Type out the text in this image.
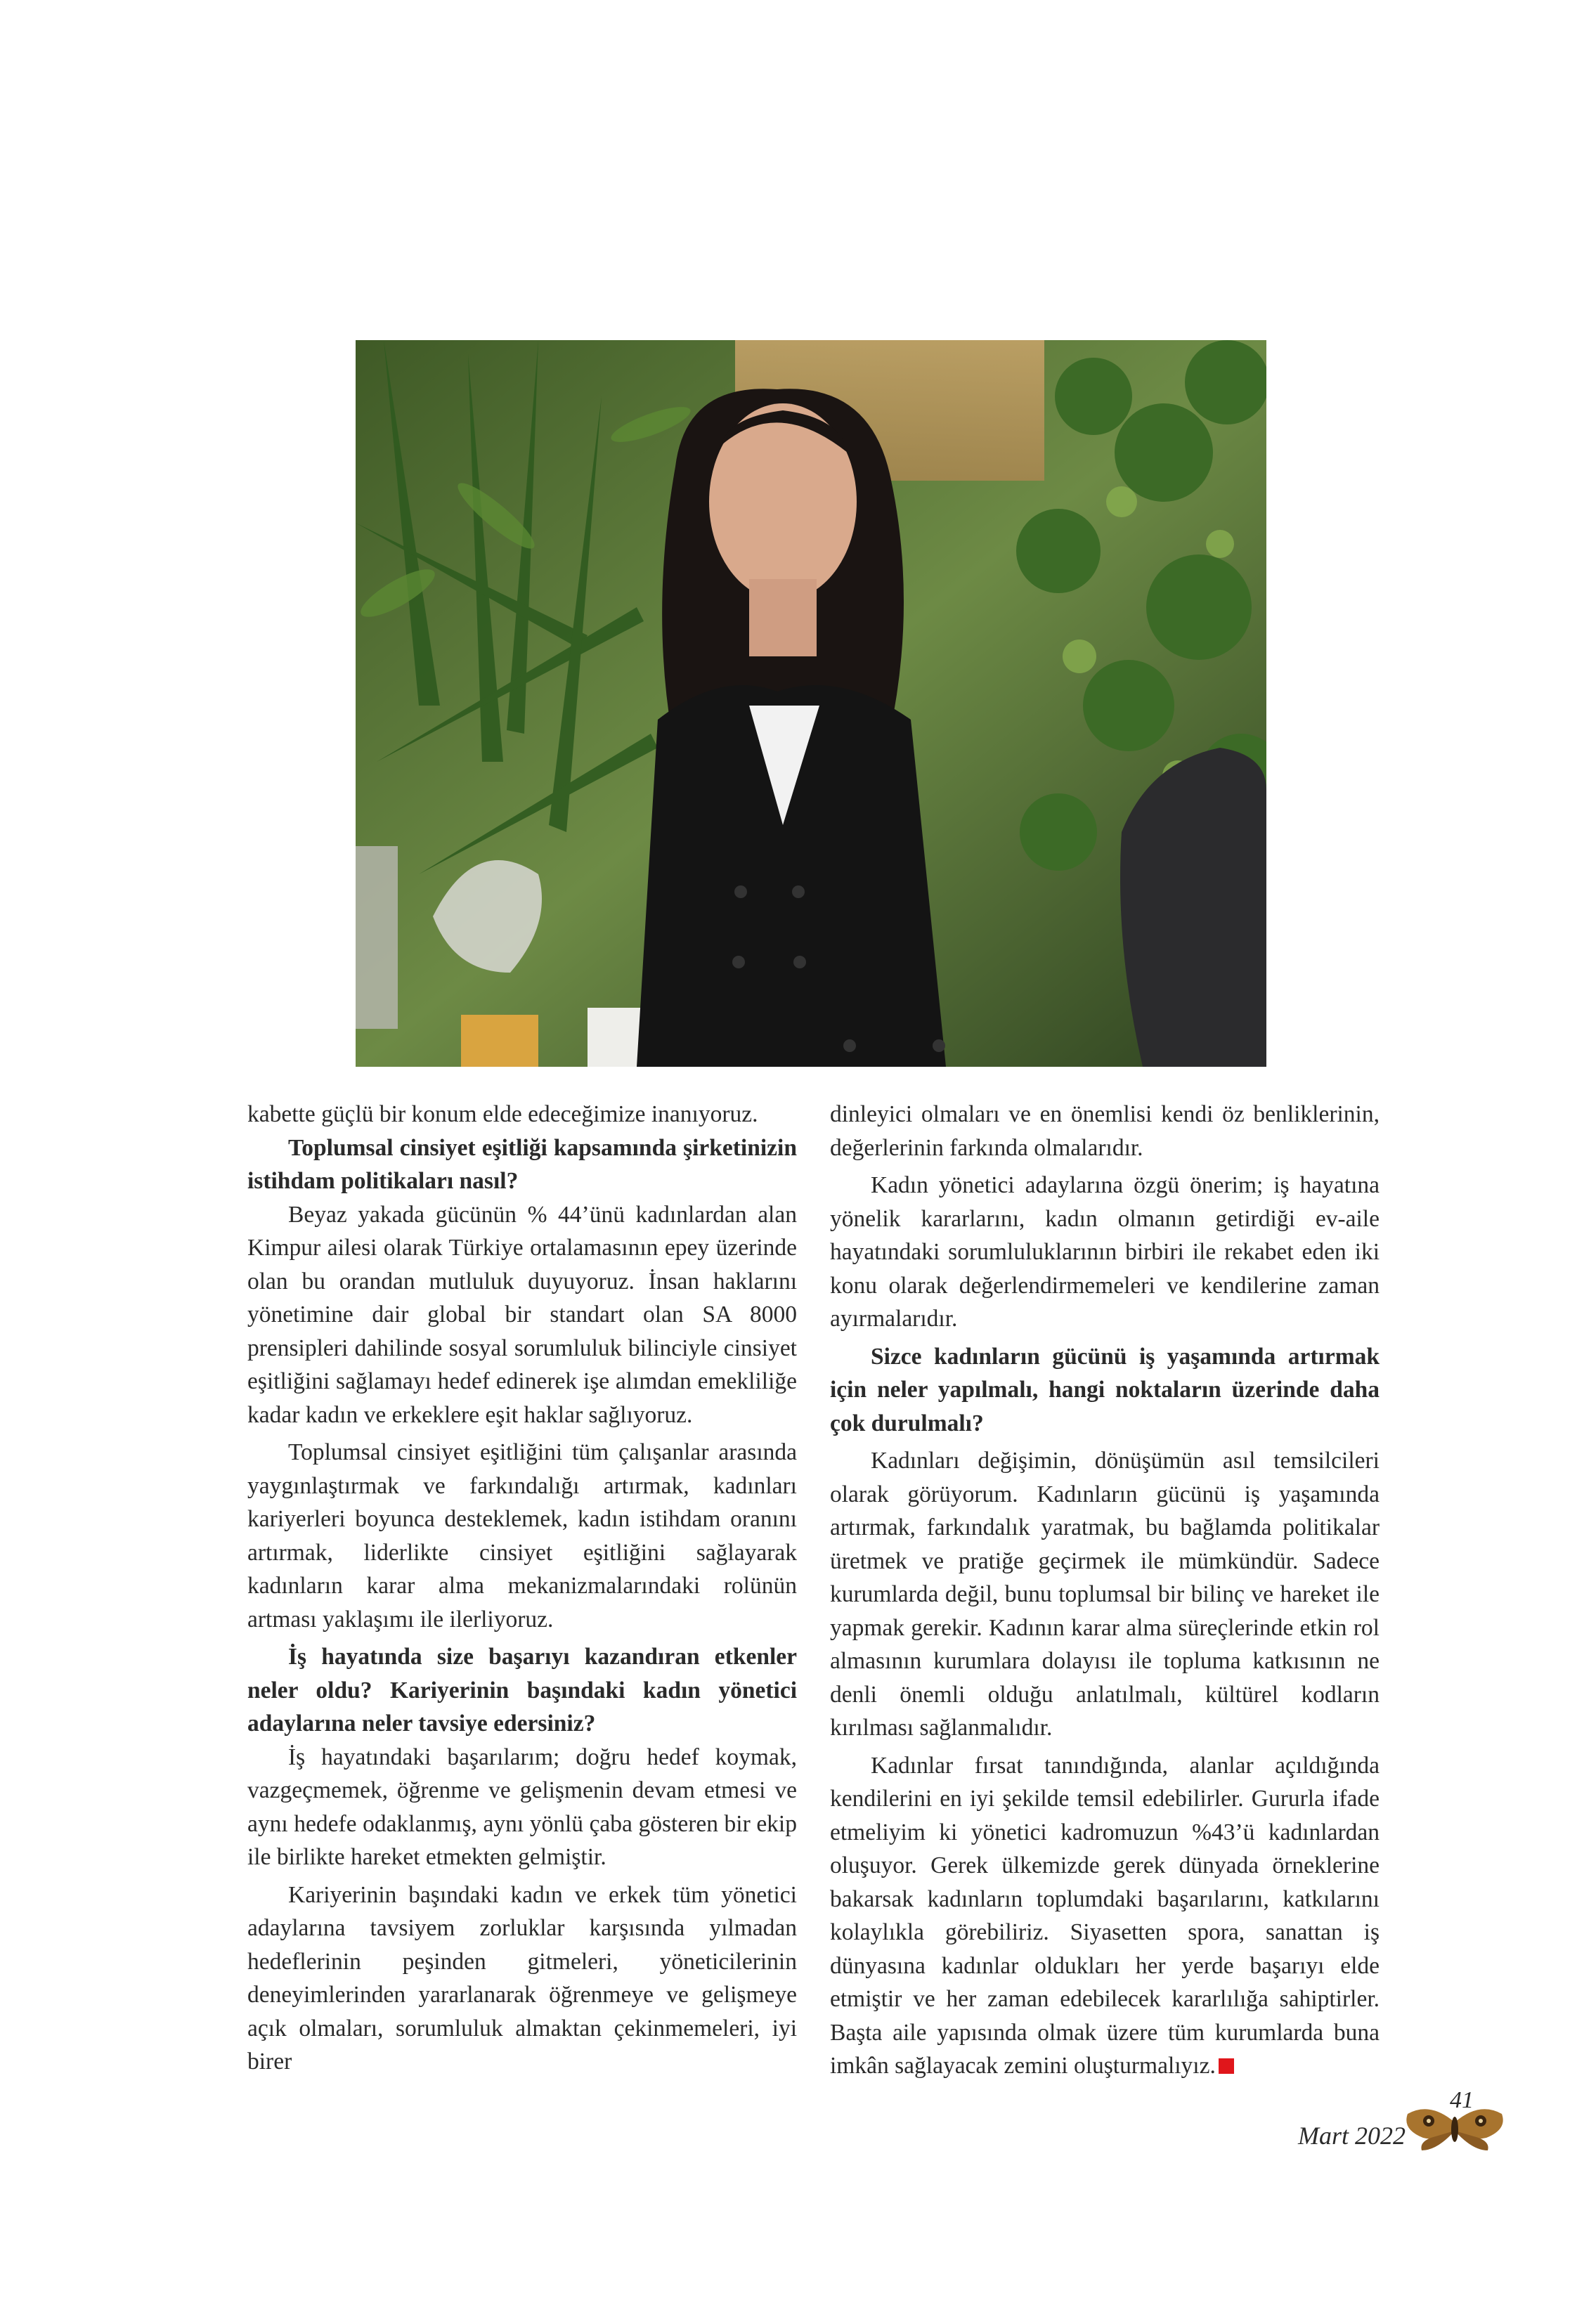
kabette güçlü bir konum elde edeceğimize inanıyoruz.

Toplumsal cinsiyet eşitliği kapsamında şirketinizin istihdam politikaları nasıl?

Beyaz yakada gücünün % 44’ünü kadınlardan alan Kimpur ailesi olarak Türkiye ortalamasının epey üzerinde olan bu orandan mutluluk duyuyoruz. İnsan haklarını yönetimine dair global bir standart olan SA 8000 prensipleri dahilinde sosyal sorumluluk bilinciyle cinsiyet eşitliğini sağlamayı hedef edinerek işe alımdan emekliliğe kadar kadın ve erkeklere eşit haklar sağlıyoruz.

Toplumsal cinsiyet eşitliğini tüm çalışanlar arasında yaygınlaştırmak ve farkındalığı artırmak, kadınları kariyerleri boyunca desteklemek, kadın istihdam oranını artırmak, liderlikte cinsiyet eşitliğini sağlayarak kadınların karar alma mekanizmalarındaki rolünün artması yaklaşımı ile ilerliyoruz.

İş hayatında size başarıyı kazandıran etkenler neler oldu? Kariyerinin başındaki kadın yönetici adaylarına neler tavsiye edersiniz?

İş hayatındaki başarılarım; doğru hedef koymak, vazgeçmemek, öğrenme ve gelişmenin devam etmesi ve aynı hedefe odaklanmış, aynı yönlü çaba gösteren bir ekip ile birlikte hareket etmekten gelmiştir.

Kariyerinin başındaki kadın ve erkek tüm yönetici adaylarına tavsiyem zorluklar karşısında yılmadan hedeflerinin peşinden gitmeleri, yöneticilerinin deneyimlerinden yararlanarak öğrenmeye ve gelişmeye açık olmaları, sorumluluk almaktan çekinmemeleri, iyi birer

dinleyici olmaları ve en önemlisi kendi öz benliklerinin, değerlerinin farkında olmalarıdır.

Kadın yönetici adaylarına özgü önerim; iş hayatına yönelik kararlarını, kadın olmanın getirdiği ev-aile hayatındaki sorumluluklarının birbiri ile rekabet eden iki konu olarak değerlendirmemeleri ve kendilerine zaman ayırmalarıdır.

Sizce kadınların gücünü iş yaşamında artırmak için neler yapılmalı, hangi noktaların üzerinde daha çok durulmalı?

Kadınları değişimin, dönüşümün asıl temsilcileri olarak görüyorum. Kadınların gücünü iş yaşamında artırmak, farkındalık yaratmak, bu bağlamda politikalar üretmek ve pratiğe geçirmek ile mümkündür. Sadece kurumlarda değil, bunu toplumsal bir bilinç ve hareket ile yapmak gerekir. Kadının karar alma süreçlerinde etkin rol almasının kurumlara dolayısı ile topluma katkısının ne denli önemli olduğu anlatılmalı, kültürel kodların kırılması sağlanmalıdır.

Kadınlar fırsat tanındığında, alanlar açıldığında kendilerini en iyi şekilde temsil edebilirler. Gururla ifade etmeliyim ki yönetici kadromuzun %43’ü kadınlardan oluşuyor. Gerek ülkemizde gerek dünyada örneklerine bakarsak kadınların toplumdaki başarılarını, katkılarını kolaylıkla görebiliriz. Siyasetten spora, sanattan iş dünyasına kadınlar oldukları her yerde başarıyı elde etmiştir ve her zaman edebilecek kararlılığa sahiptirler. Başta aile yapısında olmak üzere tüm kurumlarda buna imkân sağlayacak zemini oluşturmalıyız.

41
Mart 2022
